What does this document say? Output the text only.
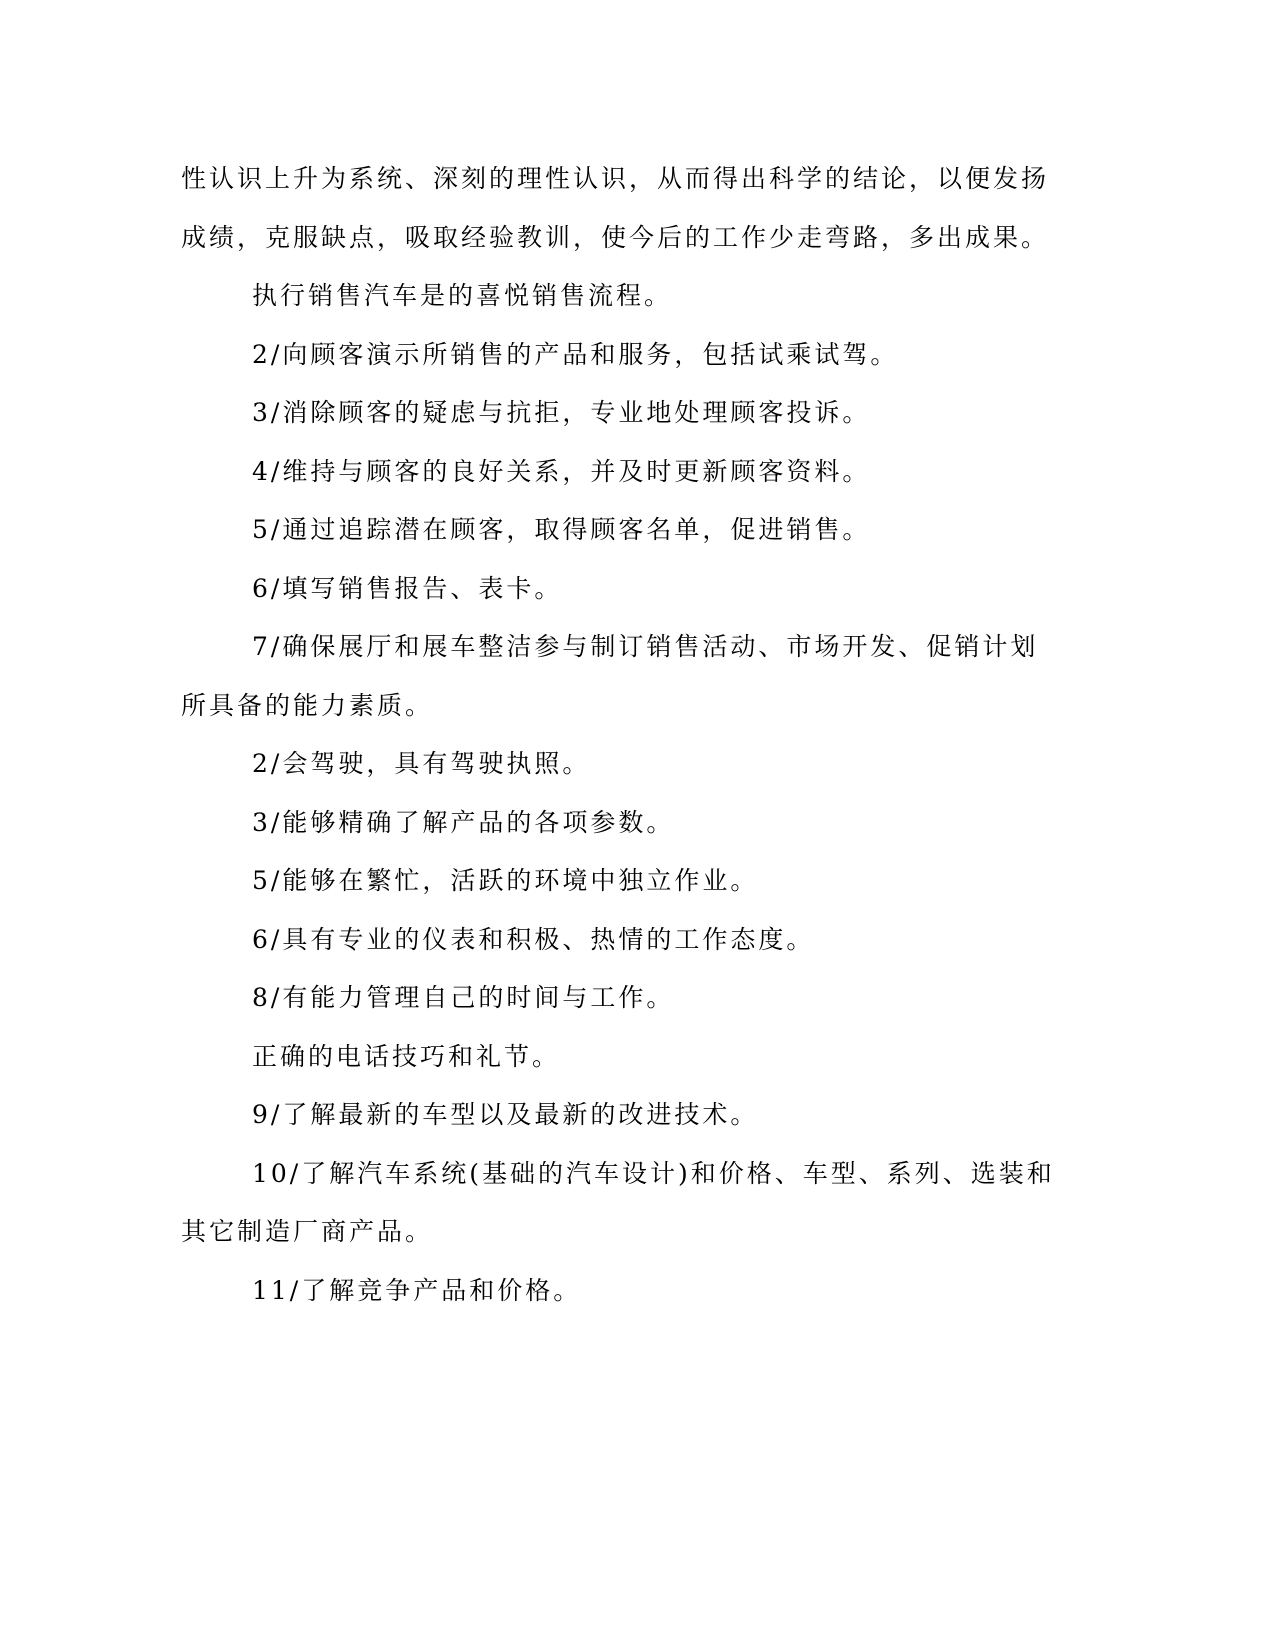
性认识上升为系统、深刻的理性认识，从而得出科学的结论，以便发扬成绩，克服缺点，吸取经验教训，使今后的工作少走弯路，多出成果。

执行销售汽车是的喜悦销售流程。

2/向顾客演示所销售的产品和服务，包括试乘试驾。

3/消除顾客的疑虑与抗拒，专业地处理顾客投诉。

4/维持与顾客的良好关系，并及时更新顾客资料。

5/通过追踪潜在顾客，取得顾客名单，促进销售。

6/填写销售报告、表卡。

7/确保展厅和展车整洁参与制订销售活动、市场开发、促销计划所具备的能力素质。

2/会驾驶，具有驾驶执照。

3/能够精确了解产品的各项参数。

5/能够在繁忙，活跃的环境中独立作业。

6/具有专业的仪表和积极、热情的工作态度。

8/有能力管理自己的时间与工作。

正确的电话技巧和礼节。

9/了解最新的车型以及最新的改进技术。

10/了解汽车系统(基础的汽车设计)和价格、车型、系列、选装和其它制造厂商产品。

11/了解竞争产品和价格。
